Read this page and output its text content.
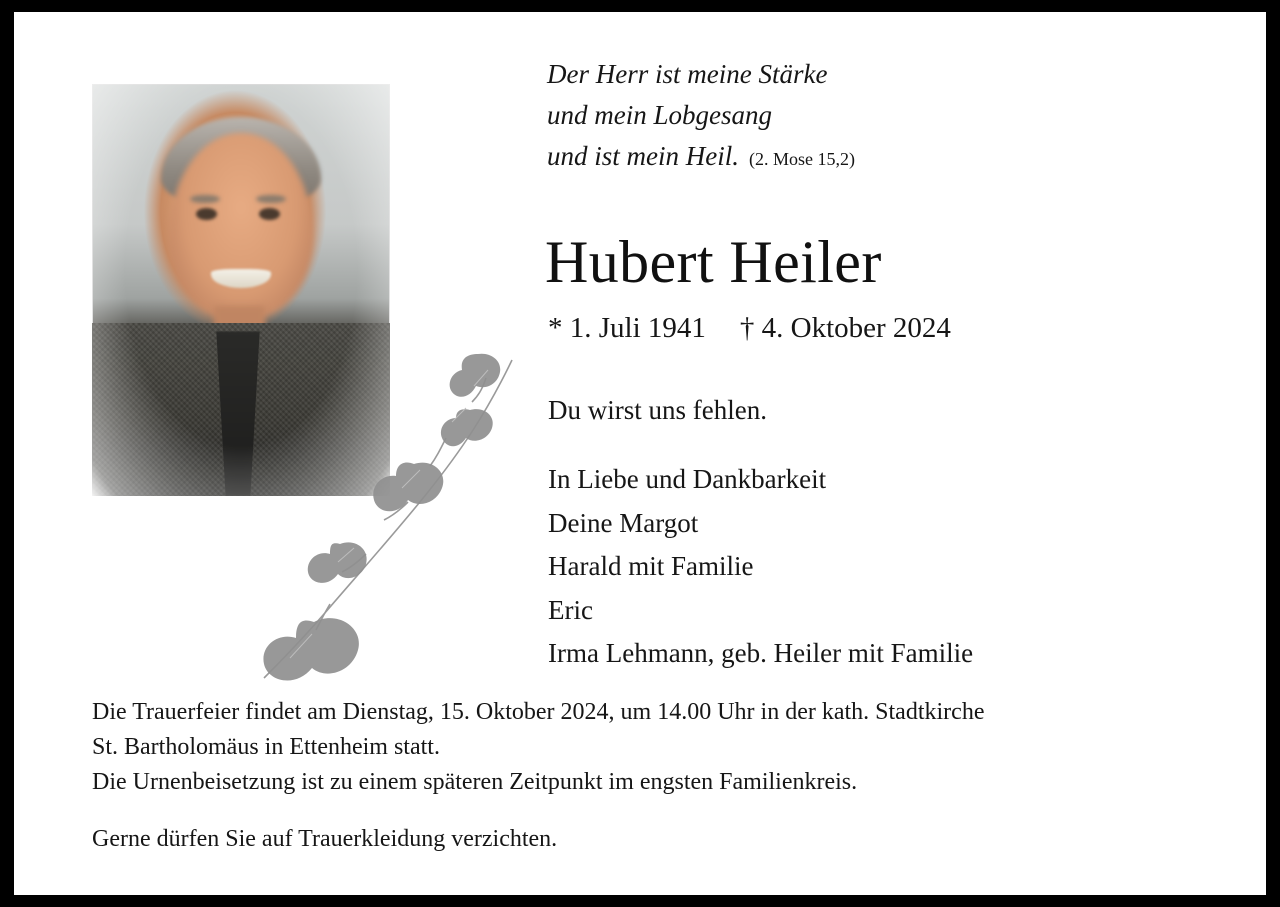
Der Herr ist meine Stärke
und mein Lobgesang
und ist mein Heil. (2. Mose 15,2)
Hubert Heiler
* 1. Juli 1941 † 4. Oktober 2024
Du wirst uns fehlen.
In Liebe und Dankbarkeit
Deine Margot
Harald mit Familie
Eric
Irma Lehmann, geb. Heiler mit Familie

Die Trauerfeier findet am Dienstag, 15. Oktober 2024, um 14.00 Uhr in der kath. Stadtkirche

St. Bartholomäus in Ettenheim statt.

Die Urnenbeisetzung ist zu einem späteren Zeitpunkt im engsten Familienkreis.

Gerne dürfen Sie auf Trauerkleidung verzichten.
